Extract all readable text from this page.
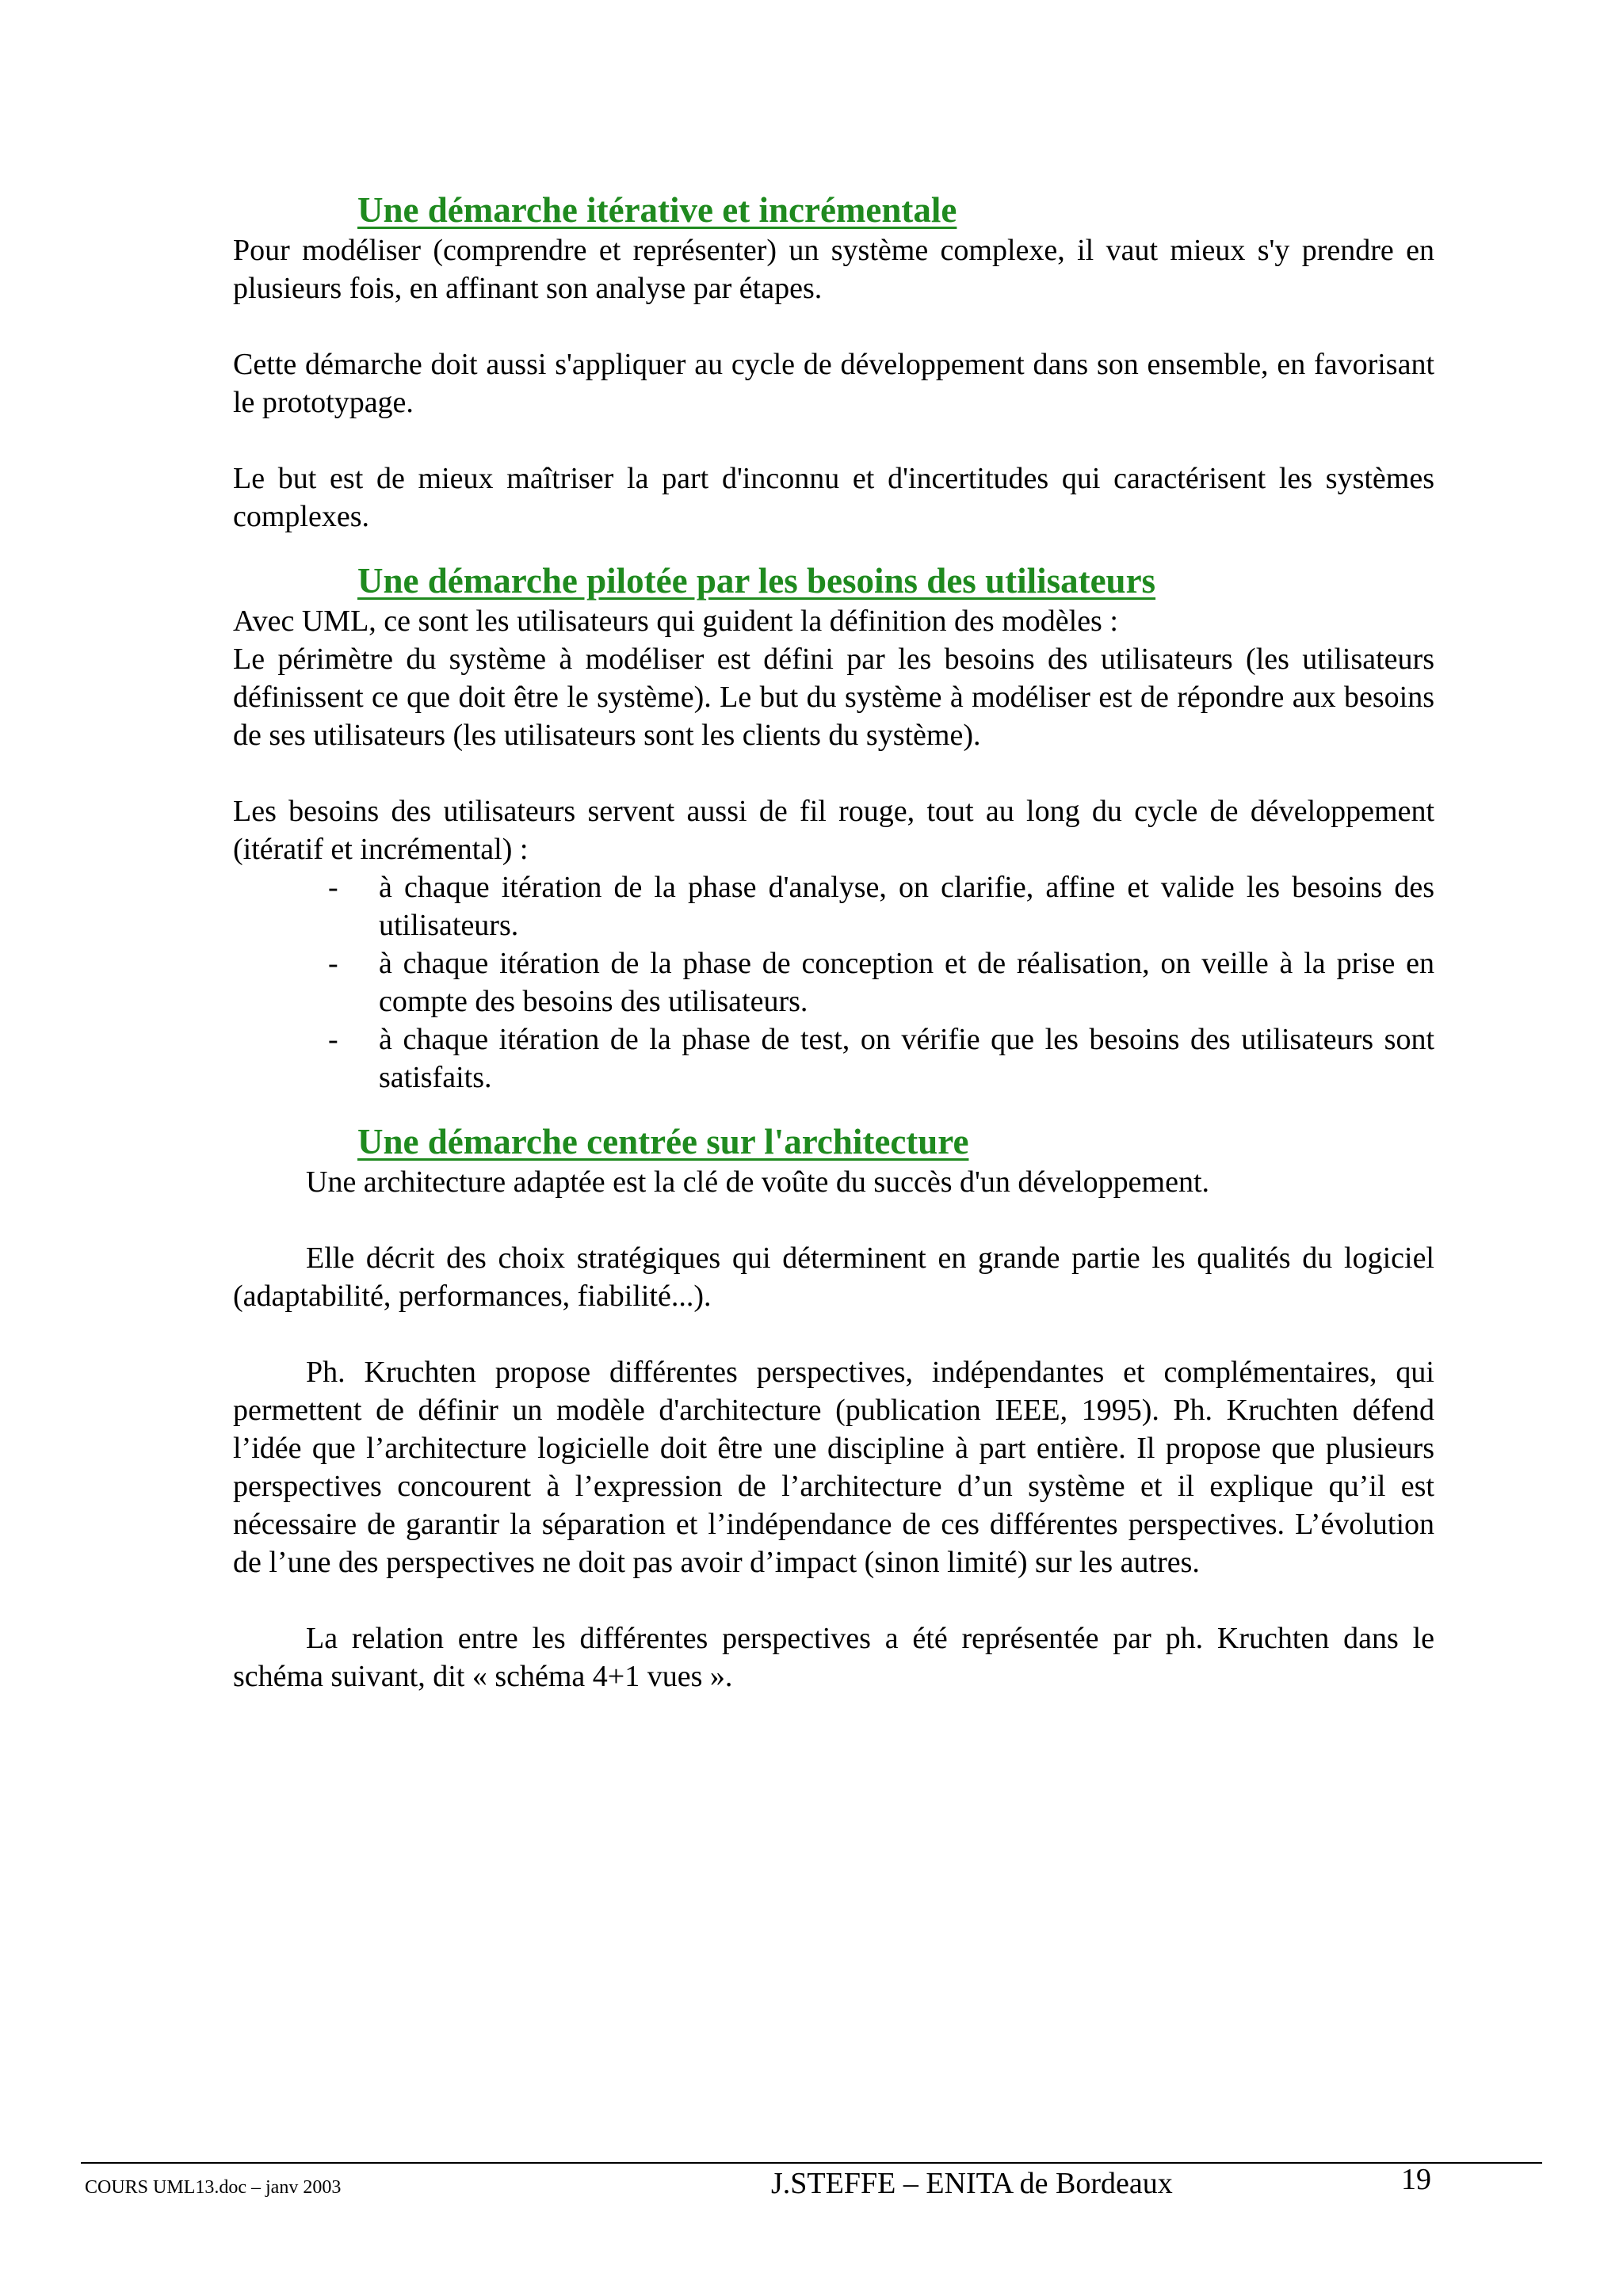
Une démarche itérative et incrémentale

Pour modéliser (comprendre et représenter) un système complexe, il vaut mieux s'y prendre en plusieurs fois, en affinant son analyse par étapes.

Cette démarche doit aussi s'appliquer au cycle de développement dans son ensemble, en favorisant le prototypage.

Le but est de mieux maîtriser la part d'inconnu et d'incertitudes qui caractérisent les systèmes complexes.

Une démarche pilotée par les besoins des utilisateurs

Avec UML, ce sont les utilisateurs qui guident la définition des modèles :

Le périmètre du système à modéliser est défini par les besoins des utilisateurs (les utilisateurs définissent ce que doit être le système). Le but du système à modéliser est de répondre aux besoins de ses utilisateurs (les utilisateurs sont les clients du système).

Les besoins des utilisateurs servent aussi de fil rouge, tout au long du cycle de développement (itératif et incrémental) :

- à chaque itération de la phase d'analyse, on clarifie, affine et valide les besoins des utilisateurs.
- à chaque itération de la phase de conception et de réalisation, on veille à la prise en compte des besoins des utilisateurs.
- à chaque itération de la phase de test, on vérifie que les besoins des utilisateurs sont satisfaits.
Une démarche centrée sur l'architecture

Une architecture adaptée est la clé de voûte du succès d'un développement.

Elle décrit des choix stratégiques qui déterminent en grande partie les qualités du logiciel (adaptabilité, performances, fiabilité...).

Ph. Kruchten propose différentes perspectives, indépendantes et complémentaires, qui permettent de définir un modèle d'architecture (publication IEEE, 1995). Ph. Kruchten défend l’idée que l’architecture logicielle doit être une discipline à part entière. Il propose que plusieurs perspectives concourent à l’expression de l’architecture d’un système et il explique qu’il est nécessaire de garantir la séparation et l’indépendance de ces différentes perspectives. L’évolution de l’une des perspectives ne doit pas avoir d’impact (sinon limité) sur les autres.

La relation entre les différentes perspectives a été représentée par ph. Kruchten dans le schéma suivant, dit « schéma 4+1 vues ».

COURS UML13.doc – janv 2003	J.STEFFE – ENITA de Bordeaux	19
